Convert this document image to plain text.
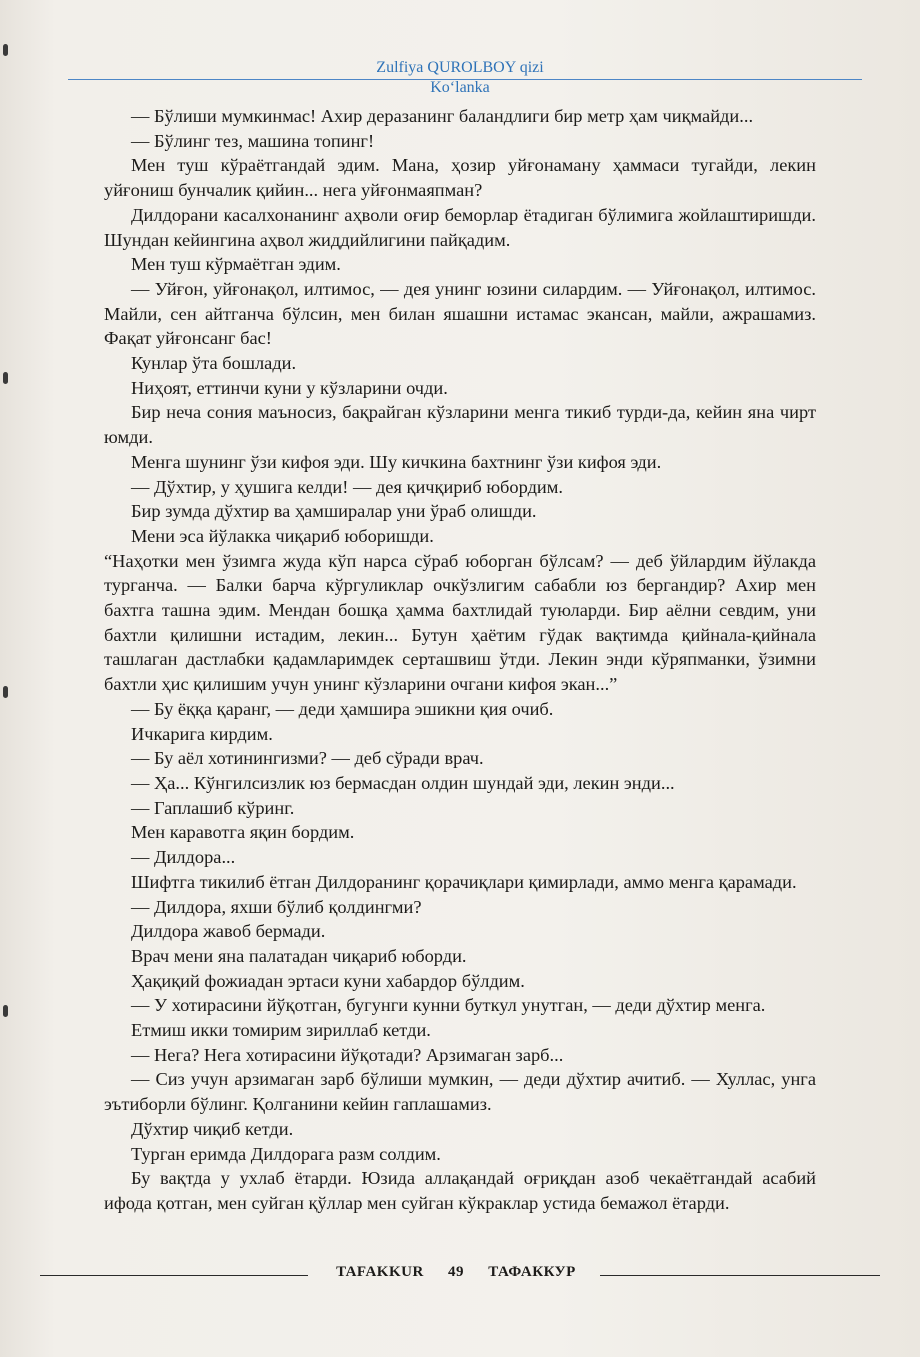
Zulfiya QUROLBOY qizi
Ko‘lanka

— Бўлиши мумкинмас! Ахир деразанинг баландлиги бир метр ҳам чиқмайди...

— Бўлинг тез, машина топинг!

Мен туш кўраётгандай эдим. Мана, ҳозир уйғонаману ҳаммаси тугайди, лекин уйғониш бунчалик қийин... нега уйғонмаяпман?

Дилдорани касалхонанинг аҳволи оғир беморлар ётадиган бўлимига жойлаштиришди. Шундан кейингина аҳвол жиддийлигини пайқадим.

Мен туш кўрмаётган эдим.

— Уйғон, уйғонақол, илтимос, — дея унинг юзини силардим. — Уйғонақол, илтимос. Майли, сен айтганча бўлсин, мен билан яшашни истамас экансан, майли, ажрашамиз. Фақат уйғонсанг бас!

Кунлар ўта бошлади.

Ниҳоят, еттинчи куни у кўзларини очди.

Бир неча сония маъносиз, бақрайган кўзларини менга тикиб турди-да, кейин яна чирт юмди.

Менга шунинг ўзи кифоя эди. Шу кичкина бахтнинг ўзи кифоя эди.

— Дўхтир, у ҳушига келди! — дея қичқириб юбордим.

Бир зумда дўхтир ва ҳамширалар уни ўраб олишди.

Мени эса йўлакка чиқариб юборишди.

“Наҳотки мен ўзимга жуда кўп нарса сўраб юборган бўлсам? — деб ўйлардим йўлакда турганча. — Балки барча кўргуликлар очкўзлигим сабабли юз бергандир? Ахир мен бахтга ташна эдим. Мендан бошқа ҳамма бахтлидай туюларди. Бир аёлни севдим, уни бахтли қилишни истадим, лекин... Бутун ҳаётим гўдак вақтимда қийнала-қийнала ташлаган дастлабки қадамларимдек серташвиш ўтди. Лекин энди кўряпманки, ўзимни бахтли ҳис қилишим учун унинг кўзларини очгани кифоя экан...”

— Бу ёққа қаранг, — деди ҳамшира эшикни қия очиб.

Ичкарига кирдим.

— Бу аёл хотинингизми? — деб сўради врач.

— Ҳа... Кўнгилсизлик юз бермасдан олдин шундай эди, лекин энди...

— Гаплашиб кўринг.

Мен каравотга яқин бордим.

— Дилдора...

Шифтга тикилиб ётган Дилдоранинг қорачиқлари қимирлади, аммо менга қарамади.

— Дилдора, яхши бўлиб қолдингми?

Дилдора жавоб бермади.

Врач мени яна палатадан чиқариб юборди.

Ҳақиқий фожиадан эртаси куни хабардор бўлдим.

— У хотирасини йўқотган, бугунги кунни буткул унутган, — деди дўхтир менга.

Етмиш икки томирим зириллаб кетди.

— Нега? Нега хотирасини йўқотади? Арзимаган зарб...

— Сиз учун арзимаган зарб бўлиши мумкин, — деди дўхтир ачитиб. — Хуллас, унга эътиборли бўлинг. Қолганини кейин гаплашамиз.

Дўхтир чиқиб кетди.

Турган еримда Дилдорага разм солдим.

Бу вақтда у ухлаб ётарди. Юзида аллақандай оғриқдан азоб чекаётгандай асабий ифода қотган, мен суйган қўллар мен суйган кўкраклар устида бемажол ётарди.

TAFAKKUR 49 ТАФАККУР
